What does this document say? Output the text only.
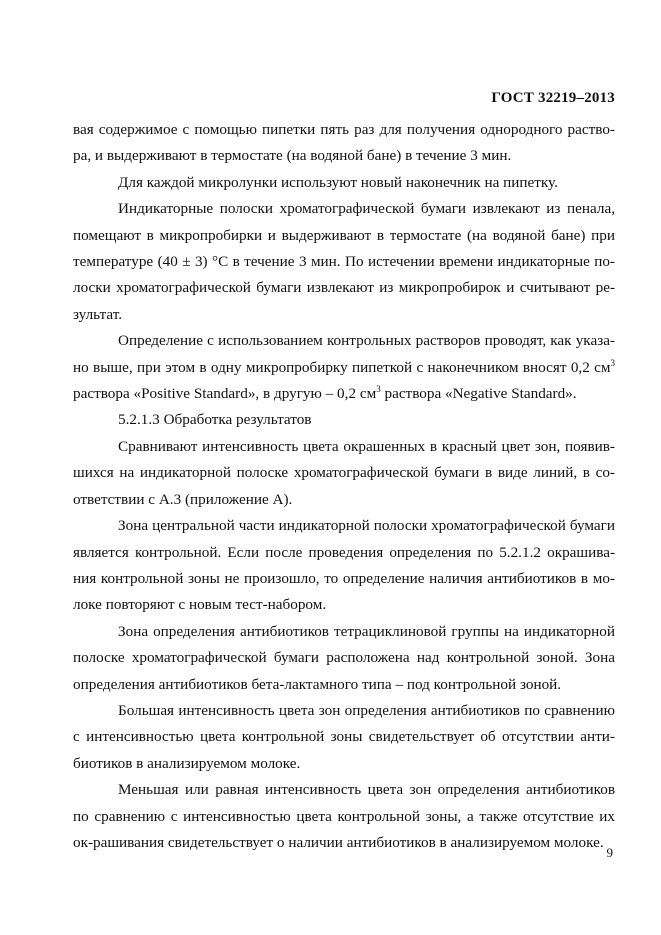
ГОСТ 32219–2013

вая содержимое с помощью пипетки пять раз для получения однородного раство-ра, и выдерживают в термостате (на водяной бане) в течение 3 мин.

Для каждой микролунки используют новый наконечник на пипетку.

Индикаторные полоски хроматографической бумаги извлекают из пенала, помещают в микропробирки и выдерживают в термостате (на водяной бане) при температуре (40 ± 3) °С в течение 3 мин. По истечении времени индикаторные по-лоски хроматографической бумаги извлекают из микропробирок и считывают ре-зультат.

Определение с использованием контрольных растворов проводят, как указа-но выше, при этом в одну микропробирку пипеткой с наконечником вносят 0,2 $см^3$ раствора «Positive Standard», в другую – 0,2 $см^3$ раствора «Negative Standard».

5.2.1.3 Обработка результатов

Сравнивают интенсивность цвета окрашенных в красный цвет зон, появив-шихся на индикаторной полоске хроматографической бумаги в виде линий, в со-ответствии с А.3 (приложение А).

Зона центральной части индикаторной полоски хроматографической бумаги является контрольной. Если после проведения определения по 5.2.1.2 окрашива-ния контрольной зоны не произошло, то определение наличия антибиотиков в мо-локе повторяют с новым тест-набором.

Зона определения антибиотиков тетрациклиновой группы на индикаторной полоске хроматографической бумаги расположена над контрольной зоной. Зона определения антибиотиков бета-лактамного типа – под контрольной зоной.

Большая интенсивность цвета зон определения антибиотиков по сравнению с интенсивностью цвета контрольной зоны свидетельствует об отсутствии анти-биотиков в анализируемом молоке.

Меньшая или равная интенсивность цвета зон определения антибиотиков по сравнению с интенсивностью цвета контрольной зоны, а также отсутствие их ок-рашивания свидетельствует о наличии антибиотиков в анализируемом молоке.

9
